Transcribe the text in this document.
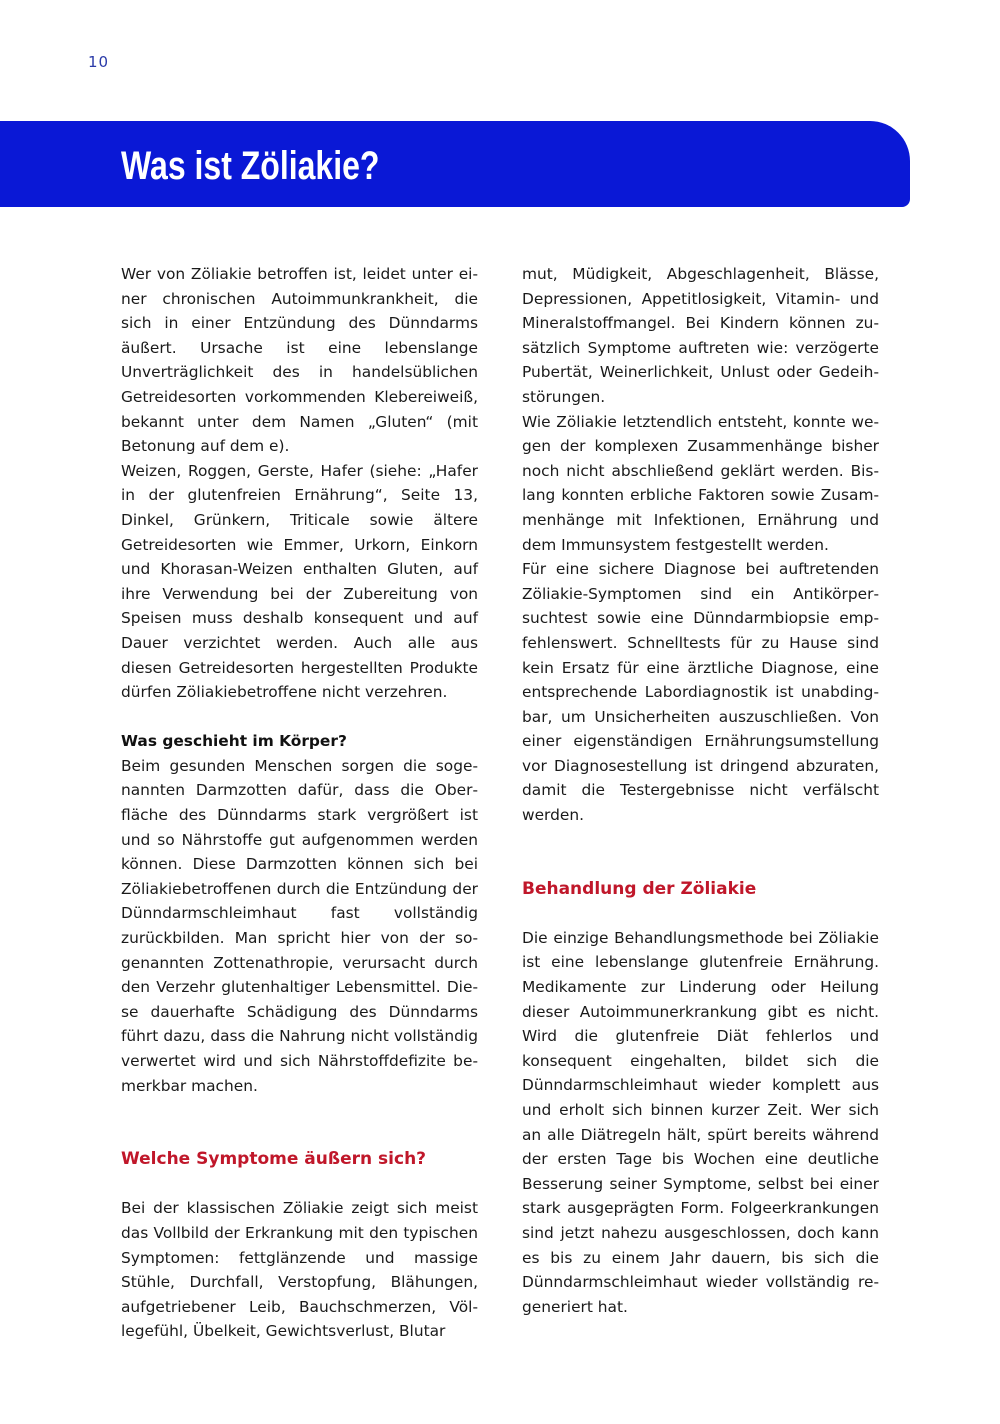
10
Was ist Zöliakie?

Wer von Zöliakie betroffen ist, leidet unter einer chronischen Autoimmunkrankheit, die sich in einer Entzündung des Dünndarms äußert. Ursache ist eine lebenslange Unverträglichkeit des in handelsüblichen Getreidesorten vorkommenden Klebereiweiß, bekannt unter dem Namen „Gluten“ (mit Betonung auf dem e).

Weizen, Roggen, Gerste, Hafer (siehe: „Hafer in der glutenfreien Ernährung“, Seite 13, Dinkel, Grünkern, Triticale sowie ältere Getreidesorten wie Emmer, Urkorn, Einkorn und Khorasan-Weizen enthalten Gluten, auf ihre Verwendung bei der Zubereitung von Speisen muss deshalb konsequent und auf Dauer verzichtet werden. Auch alle aus diesen Getreidesorten hergestellten Produkte dürfen Zöliakiebetroffene nicht verzehren.

Was geschieht im Körper?

Beim gesunden Menschen sorgen die sogenannten Darmzotten dafür, dass die Oberfläche des Dünndarms stark vergrößert ist und so Nährstoffe gut aufgenommen werden können. Diese Darmzotten können sich bei Zöliakiebetroffenen durch die Entzündung der Dünndarmschleimhaut fast vollständig zurückbilden. Man spricht hier von der sogenannten Zottenathropie, verursacht durch den Verzehr glutenhaltiger Lebensmittel. Diese dauerhafte Schädigung des Dünndarms führt dazu, dass die Nahrung nicht vollständig verwertet wird und sich Nährstoffdefizite bemerkbar machen.

Welche Symptome äußern sich?

Bei der klassischen Zöliakie zeigt sich meist das Vollbild der Erkrankung mit den typischen Symptomen: fettglänzende und massige Stühle, Durchfall, Verstopfung, Blähungen, aufgetriebener Leib, Bauchschmerzen, Völlegefühl, Übelkeit, Gewichtsverlust, Blutar

mut, Müdigkeit, Abgeschlagenheit, Blässe, Depressionen, Appetitlosigkeit, Vitamin- und Mineralstoffmangel. Bei Kindern können zusätzlich Symptome auftreten wie: verzögerte Pubertät, Weinerlichkeit, Unlust oder Gedeihstörungen.

Wie Zöliakie letztendlich entsteht, konnte wegen der komplexen Zusammenhänge bisher noch nicht abschließend geklärt werden. Bislang konnten erbliche Faktoren sowie Zusammenhänge mit Infektionen, Ernährung und dem Immunsystem festgestellt werden.

Für eine sichere Diagnose bei auftretenden Zöliakie-Symptomen sind ein Antikörpersuchtest sowie eine Dünndarmbiopsie empfehlenswert. Schnelltests für zu Hause sind kein Ersatz für eine ärztliche Diagnose, eine entsprechende Labordiagnostik ist unabdingbar, um Unsicherheiten auszuschließen. Von einer eigenständigen Ernährungsumstellung vor Diagnosestellung ist dringend abzuraten, damit die Testergebnisse nicht verfälscht werden.

Behandlung der Zöliakie

Die einzige Behandlungsmethode bei Zöliakie ist eine lebenslange glutenfreie Ernährung. Medikamente zur Linderung oder Heilung dieser Autoimmunerkrankung gibt es nicht. Wird die glutenfreie Diät fehlerlos und konsequent eingehalten, bildet sich die Dünndarmschleimhaut wieder komplett aus und erholt sich binnen kurzer Zeit. Wer sich an alle Diätregeln hält, spürt bereits während der ersten Tage bis Wochen eine deutliche Besserung seiner Symptome, selbst bei einer stark ausgeprägten Form. Folgeerkrankungen sind jetzt nahezu ausgeschlossen, doch kann es bis zu einem Jahr dauern, bis sich die Dünndarmschleimhaut wieder vollständig regeneriert hat.
